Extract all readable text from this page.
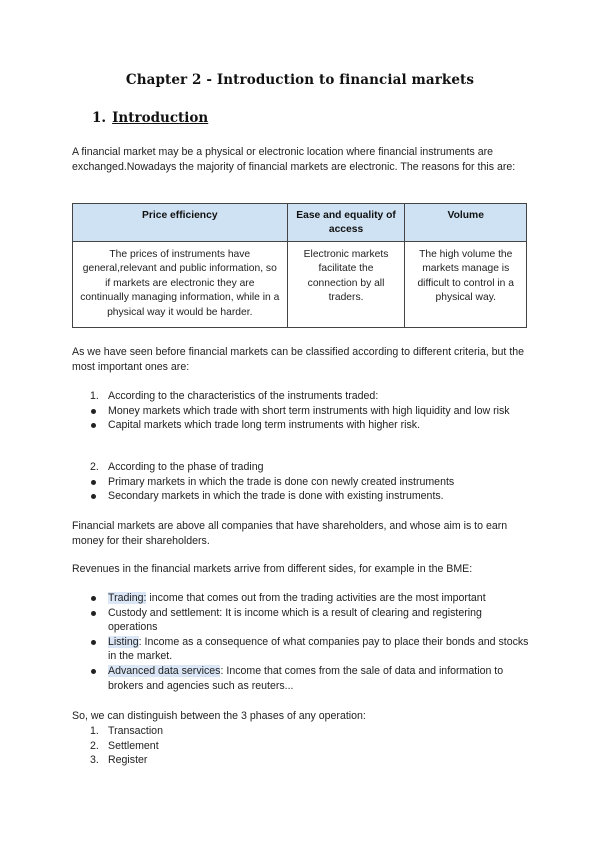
Chapter 2 - Introduction to financial markets
1. Introduction

A financial market may be a physical or electronic location where financial instruments are exchanged.Nowadays the majority of financial markets are electronic. The reasons for this are:

Price efficiency	Ease and equality of access	Volume

The prices of instruments have general,relevant and public information, so if markets are electronic they are continually managing information, while in a physical way it would be harder.	Electronic markets facilitate the connection by all traders.	The high volume the markets manage is difficult to control in a physical way.

As we have seen before financial markets can be classified according to different criteria, but the most important ones are:

1. According to the characteristics of the instruments traded:
Money markets which trade with short term instruments with high liquidity and low risk
Capital markets which trade long term instruments with higher risk.
2. According to the phase of trading
Primary markets in which the trade is done con newly created instruments
Secondary markets in which the trade is done with existing instruments.

Financial markets are above all companies that have shareholders, and whose aim is to earn money for their shareholders.

Revenues in the financial markets arrive from different sides, for example in the BME:

Trading: income that comes out from the trading activities are the most important
Custody and settlement: It is income which is a result of clearing and registering operations
Listing: Income as a consequence of what companies pay to place their bonds and stocks in the market.
Advanced data services: Income that comes from the sale of data and information to brokers and agencies such as reuters...

So, we can distinguish between the 3 phases of any operation:

1. Transaction
2. Settlement
3. Register
